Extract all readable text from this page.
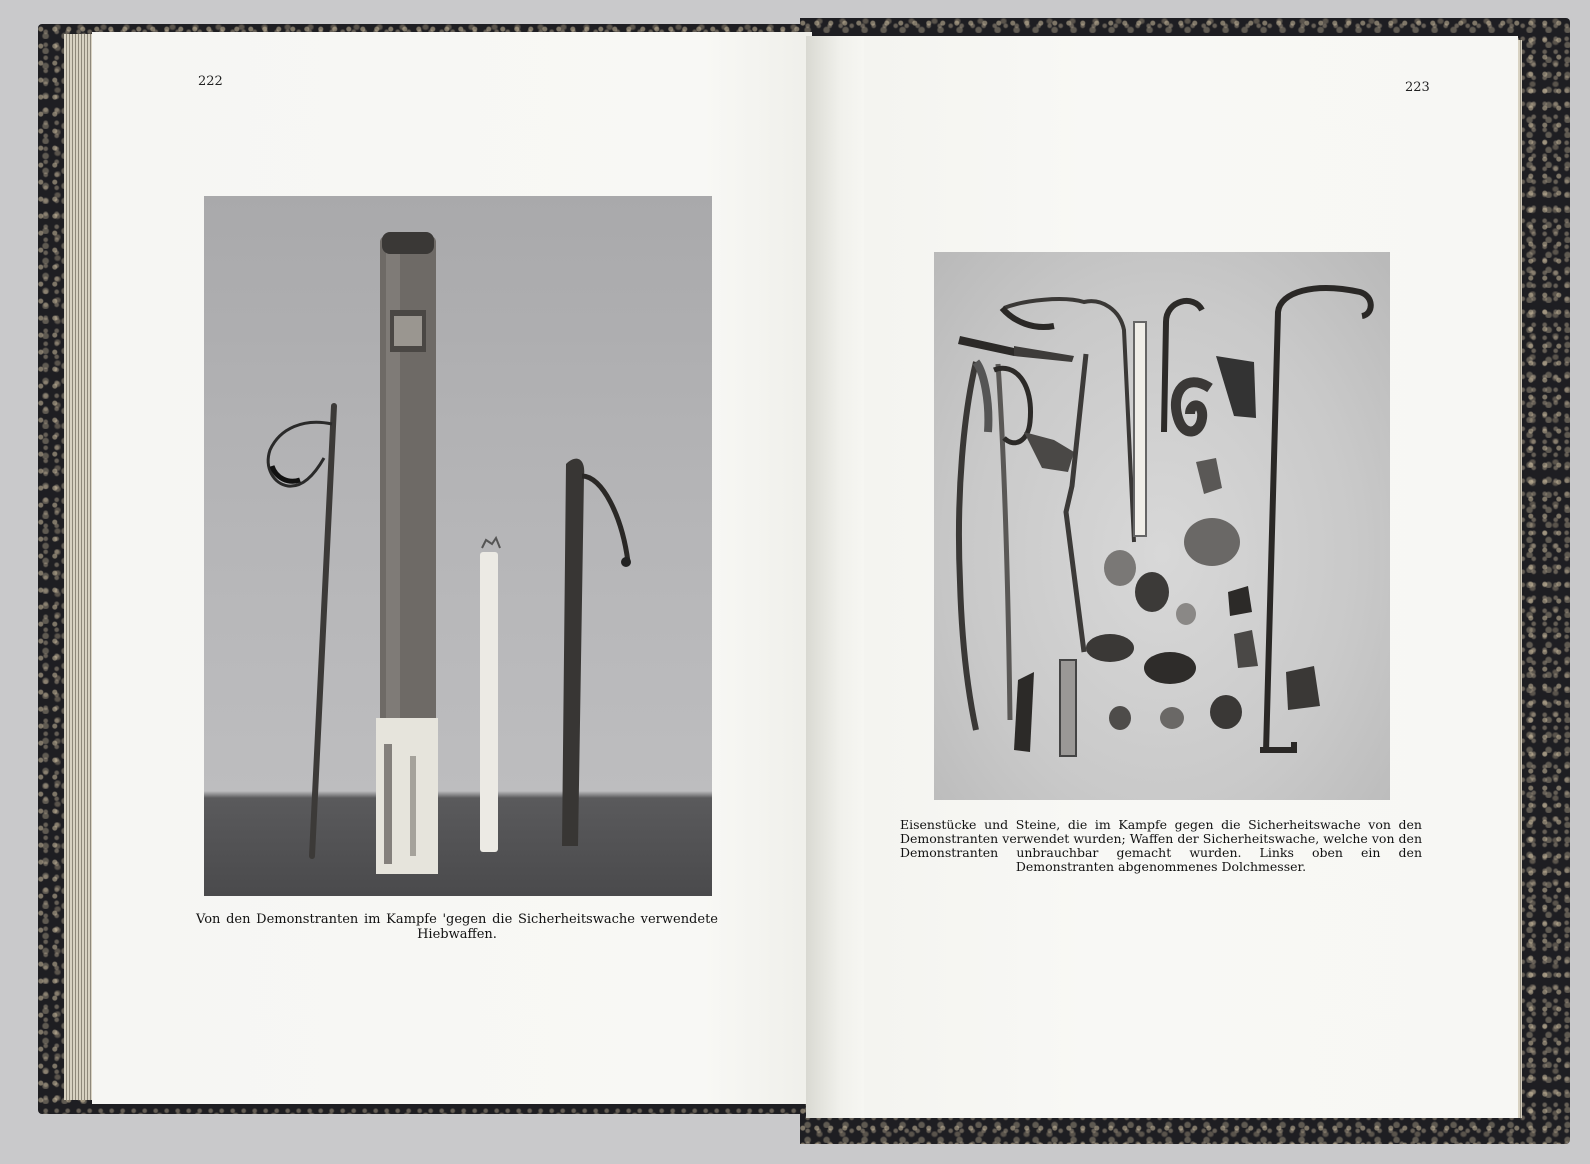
222	223
Von den Demonstranten im Kampfe 'gegen die Sicherheitswache verwendete Hiebwaffen.
Eisenstücke und Steine, die im Kampfe gegen die Sicherheitswache von den Demonstranten verwendet wurden; Waffen der Sicherheitswache, welche von den Demonstranten unbrauchbar gemacht wurden. Links oben ein den Demonstranten abgenommenes Dolchmesser.
